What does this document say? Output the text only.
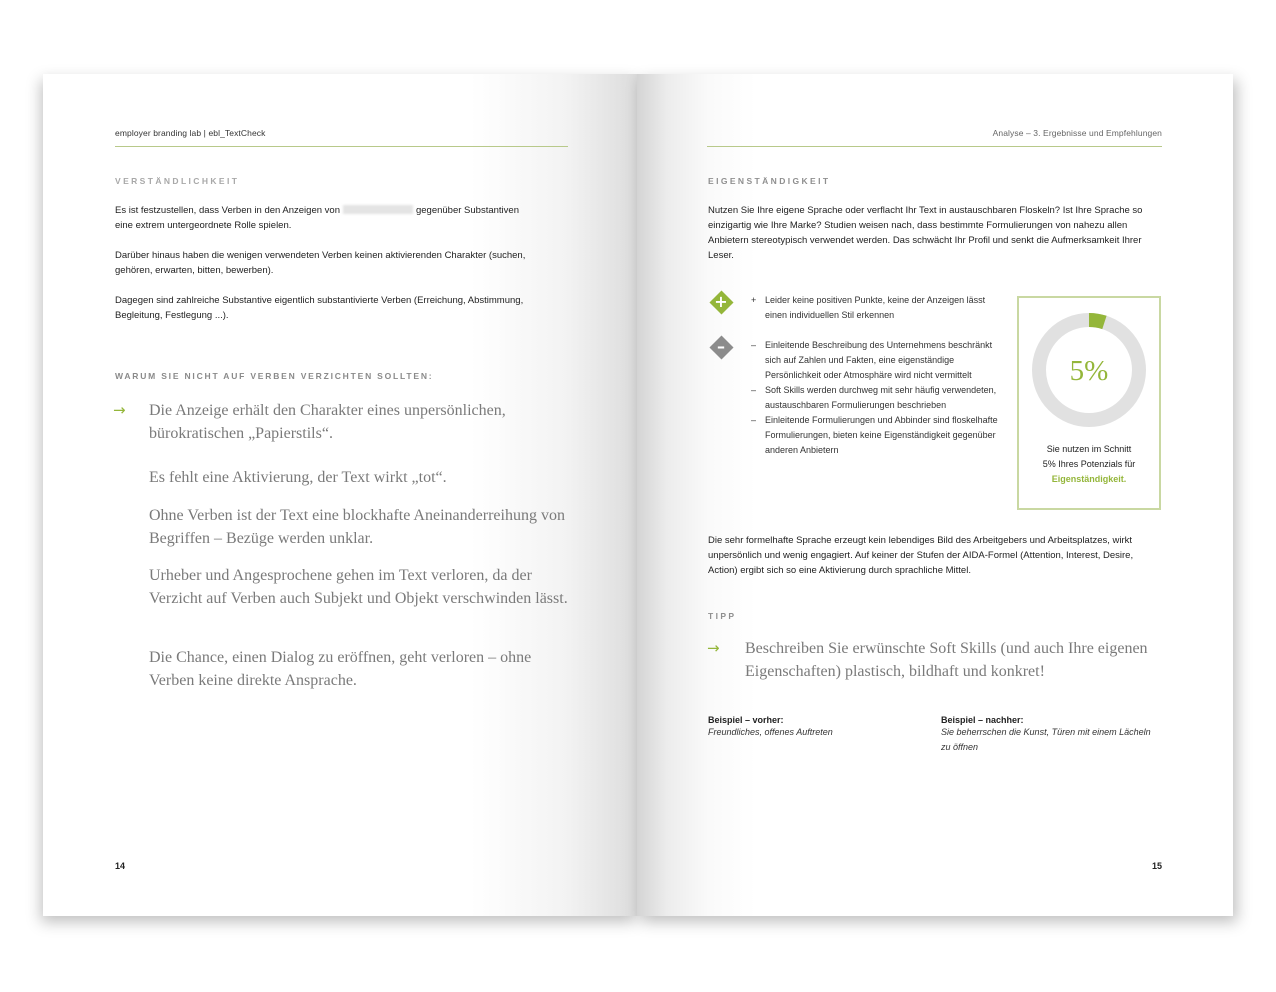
employer branding lab | ebl_TextCheck
VERSTÄNDLICHKEIT

Es ist festzustellen, dass Verben in den Anzeigen von	gegenüber Substantiven
eine extrem untergeordnete Rolle spielen.

Darüber hinaus haben die wenigen verwendeten Verben keinen aktivierenden Charakter (suchen, gehören, erwarten, bitten, bewerben).

Dagegen sind zahlreiche Substantive eigentlich substantivierte Verben (Erreichung, Abstimmung, Begleitung, Festlegung ...).

WARUM SIE NICHT AUF VERBEN VERZICHTEN SOLLTEN:
→ Die Anzeige erhält den Charakter eines unpersönlichen, bürokratischen „Papierstils“.

Es fehlt eine Aktivierung, der Text wirkt „tot“.

Ohne Verben ist der Text eine blockhafte Aneinanderreihung von Begriffen – Bezüge werden unklar.

Urheber und Angesprochene gehen im Text verloren, da der Verzicht auf Verben auch Subjekt und Objekt verschwinden lässt.

Die Chance, einen Dialog zu eröffnen, geht verloren – ohne Verben keine direkte Ansprache.

14
Analyse – 3. Ergebnisse und Empfehlungen
EIGENSTÄNDIGKEIT

Nutzen Sie Ihre eigene Sprache oder verflacht Ihr Text in austauschbaren Floskeln? Ist Ihre Sprache so einzigartig wie Ihre Marke? Studien weisen nach, dass bestimmte Formulierungen von nahezu allen Anbietern stereotypisch verwendet werden. Das schwächt Ihr Profil und senkt die Aufmerksamkeit Ihrer Leser.

+	+ Leider keine positiven Punkte, keine der Anzeigen lässt einen individuellen Stil erkennen
–	– Einleitende Beschreibung des Unternehmens beschränkt sich auf Zahlen und Fakten, eine eigenständige Persönlichkeit oder Atmosphäre wird nicht vermittelt
– Soft Skills werden durchweg mit sehr häufig verwendeten, austauschbaren Formulierungen beschrieben
– Einleitende Formulierungen und Abbinder sind floskelhafte Formulierungen, bieten keine Eigenständigkeit gegenüber anderen Anbietern
5%
Sie nutzen im Schnitt
5% Ihres Potenzials für
Eigenständigkeit.

Die sehr formelhafte Sprache erzeugt kein lebendiges Bild des Arbeitgebers und Arbeitsplatzes, wirkt unpersönlich und wenig engagiert. Auf keiner der Stufen der AIDA-Formel (Attention, Interest, Desire, Action) ergibt sich so eine Aktivierung durch sprachliche Mittel.

TIPP
→ Beschreiben Sie erwünschte Soft Skills (und auch Ihre eigenen Eigenschaften) plastisch, bildhaft und konkret!

Beispiel – vorher:
Freundliches, offenes Auftreten
Beispiel – nachher:
Sie beherrschen die Kunst, Türen mit einem Lächeln zu öffnen
15
